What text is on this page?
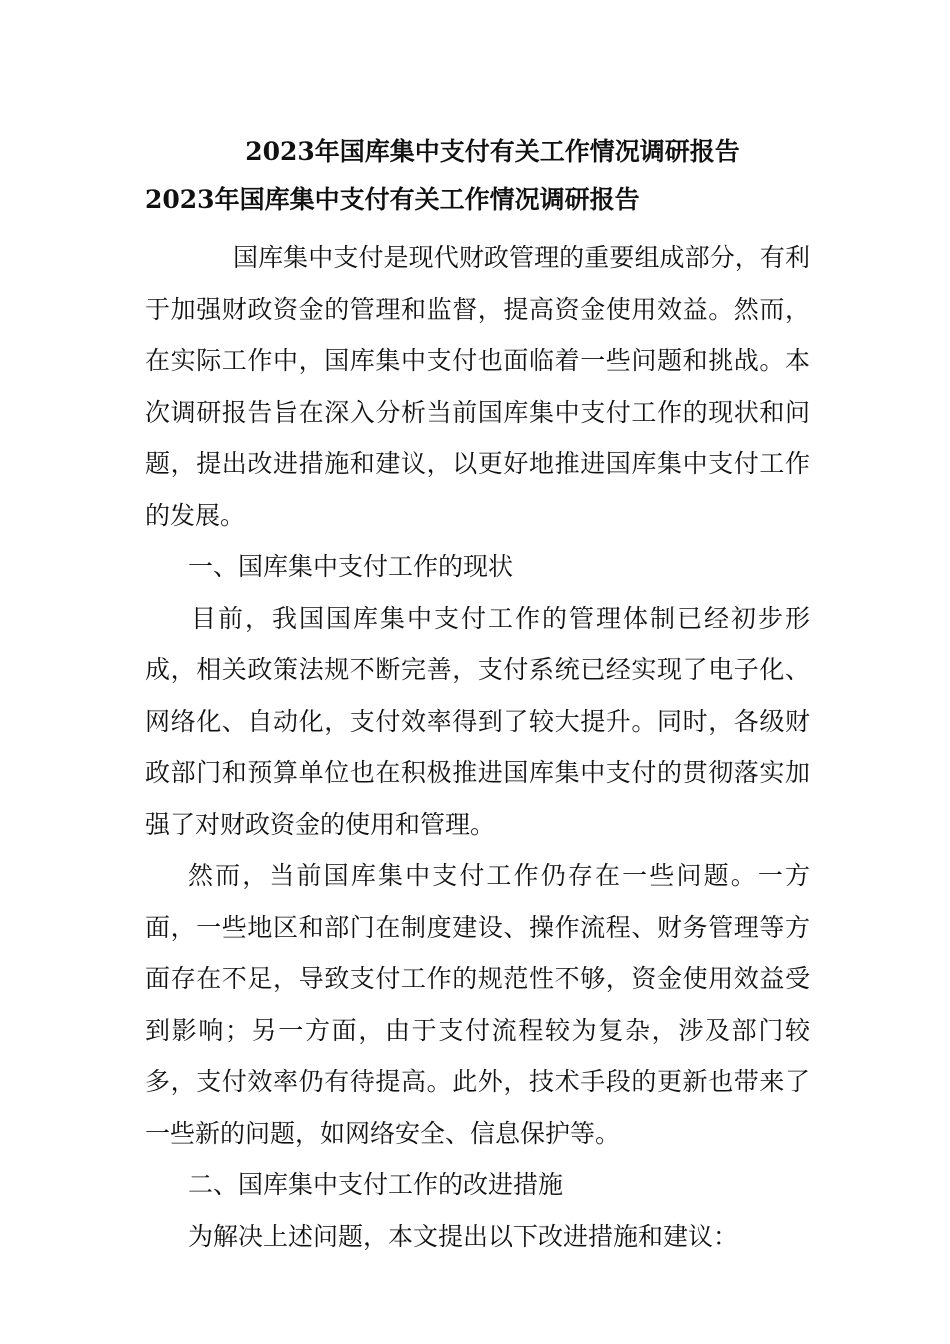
2023年国库集中支付有关工作情况调研报告
2023年国库集中支付有关工作情况调研报告

国库集中支付是现代财政管理的重要组成部分，有利于加强财政资金的管理和监督，提高资金使用效益。然而，在实际工作中，国库集中支付也面临着一些问题和挑战。本次调研报告旨在深入分析当前国库集中支付工作的现状和问题，提出改进措施和建议，以更好地推进国库集中支付工作的发展。

一、国库集中支付工作的现状

目前，我国国库集中支付工作的管理体制已经初步形成，相关政策法规不断完善，支付系统已经实现了电子化、网络化、自动化，支付效率得到了较大提升。同时，各级财政部门和预算单位也在积极推进国库集中支付的贯彻落实加强了对财政资金的使用和管理。

然而，当前国库集中支付工作仍存在一些问题。一方面，一些地区和部门在制度建设、操作流程、财务管理等方面存在不足，导致支付工作的规范性不够，资金使用效益受到影响；另一方面，由于支付流程较为复杂，涉及部门较多，支付效率仍有待提高。此外，技术手段的更新也带来了一些新的问题，如网络安全、信息保护等。

二、国库集中支付工作的改进措施

为解决上述问题，本文提出以下改进措施和建议：
